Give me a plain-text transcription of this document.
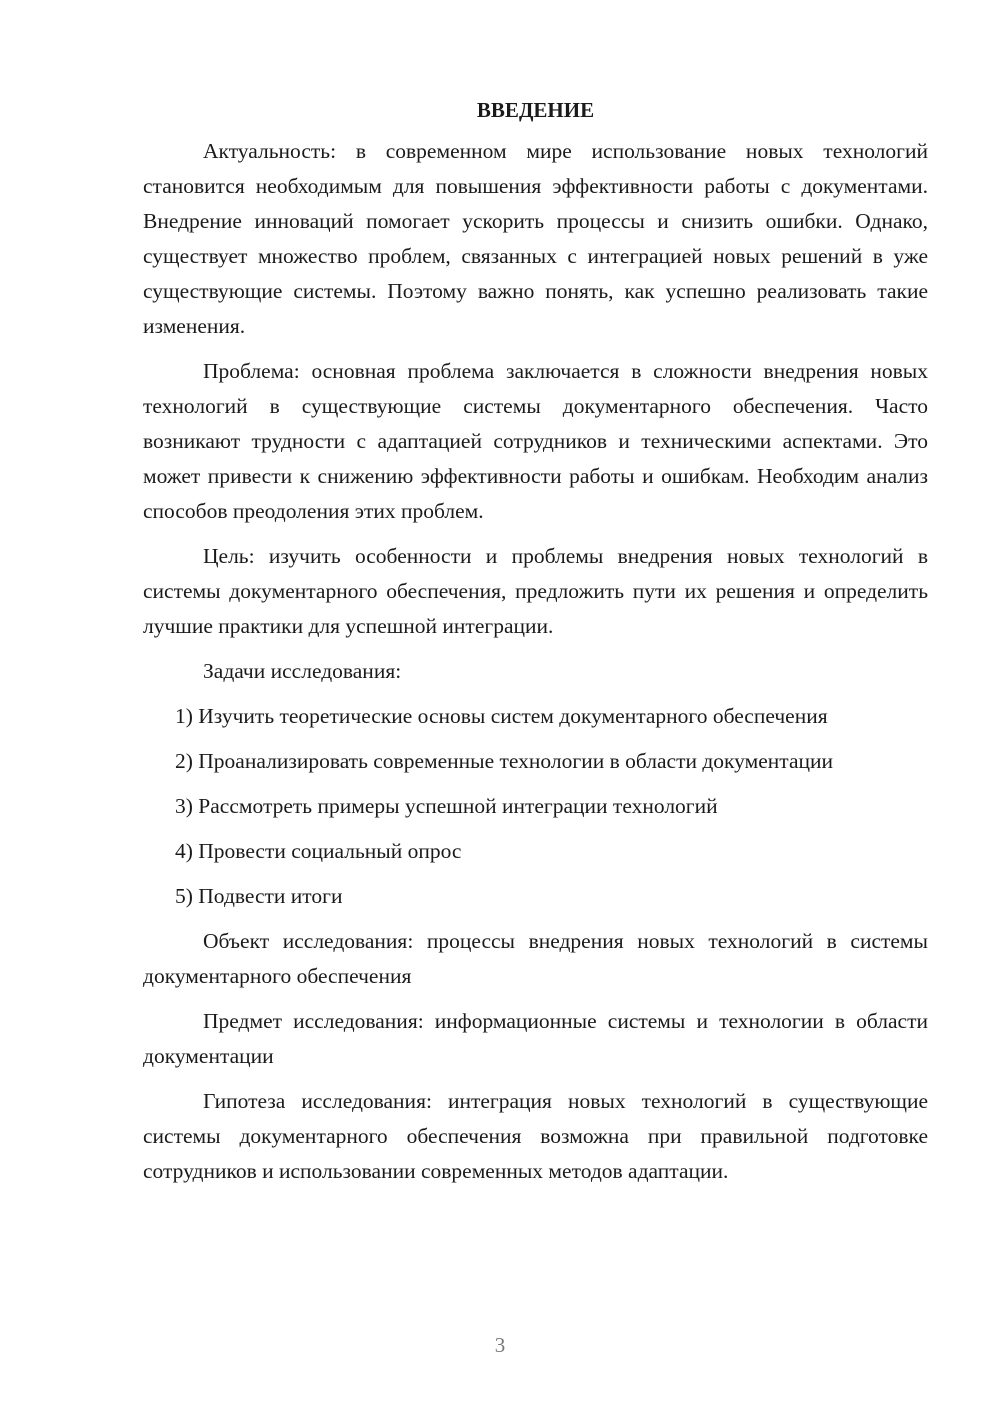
ВВЕДЕНИЕ

Актуальность: в современном мире использование новых технологий становится необходимым для повышения эффективности работы с документами. Внедрение инноваций помогает ускорить процессы и снизить ошибки. Однако, существует множество проблем, связанных с интеграцией новых решений в уже существующие системы. Поэтому важно понять, как успешно реализовать такие изменения.

Проблема: основная проблема заключается в сложности внедрения новых технологий в существующие системы документарного обеспечения. Часто возникают трудности с адаптацией сотрудников и техническими аспектами. Это может привести к снижению эффективности работы и ошибкам. Необходим анализ способов преодоления этих проблем.

Цель: изучить особенности и проблемы внедрения новых технологий в системы документарного обеспечения, предложить пути их решения и определить лучшие практики для успешной интеграции.

Задачи исследования:

1) Изучить теоретические основы систем документарного обеспечения

2) Проанализировать современные технологии в области документации

3) Рассмотреть примеры успешной интеграции технологий

4) Провести социальный опрос

5) Подвести итоги

Объект исследования: процессы внедрения новых технологий в системы документарного обеспечения

Предмет исследования: информационные системы и технологии в области документации

Гипотеза исследования: интеграция новых технологий в существующие системы документарного обеспечения возможна при правильной подготовке сотрудников и использовании современных методов адаптации.

3
